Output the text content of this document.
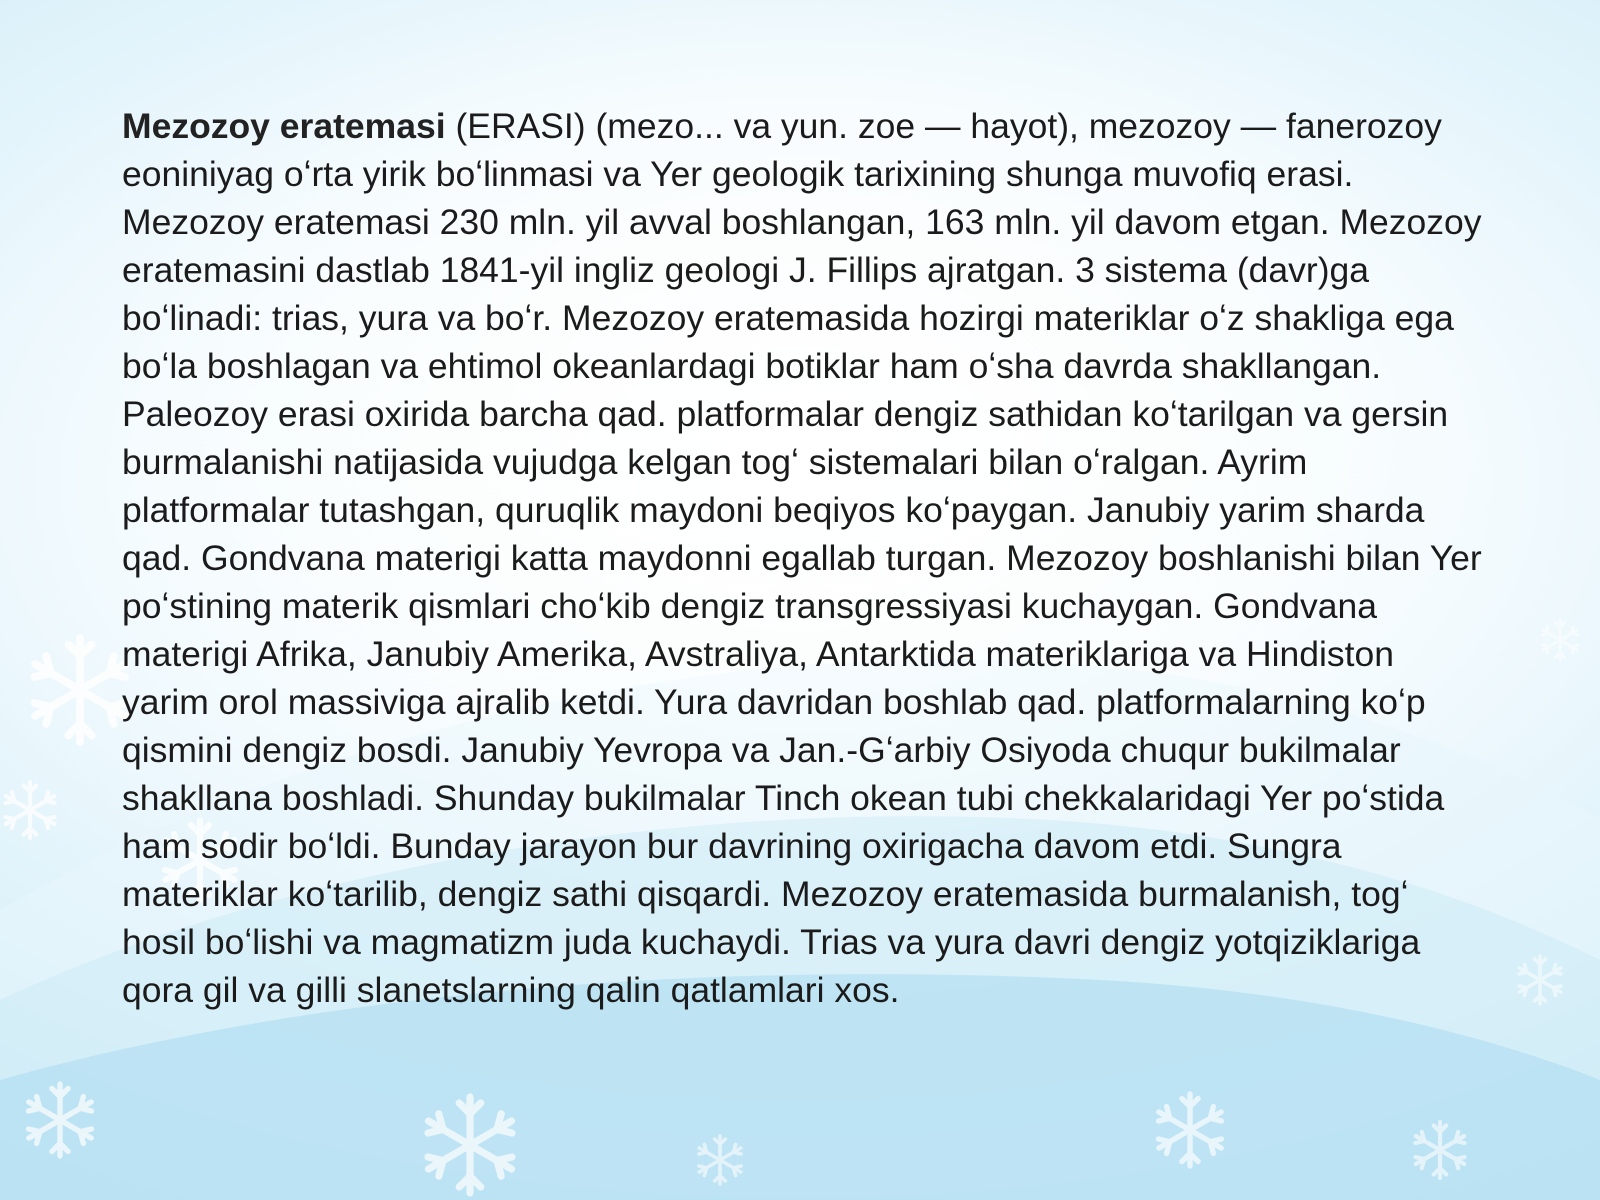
Mezozoy eratemasi (ERASI) (mezo... va yun. zoe — hayot), mezozoy — fanerozoy eoniniyag oʻrta yirik boʻlinmasi va Yer geologik tarixining shunga muvofiq erasi. Mezozoy eratemasi 230 mln. yil avval boshlangan, 163 mln. yil davom etgan. Mezozoy eratemasini dastlab 1841-yil ingliz geologi J. Fillips ajratgan. 3 sistema (davr)ga boʻlinadi: trias, yura va boʻr. Mezozoy eratemasida hozirgi materiklar oʻz shakliga ega boʻla boshlagan va ehtimol okeanlardagi botiklar ham oʻsha davrda shakllangan. Paleozoy erasi oxirida barcha qad. platformalar dengiz sathidan koʻtarilgan va gersin burmalanishi natijasida vujudga kelgan togʻ sistemalari bilan oʻralgan. Ayrim platformalar tutashgan, quruqlik maydoni beqiyos koʻpaygan. Janubiy yarim sharda qad. Gondvana materigi katta maydonni egallab turgan. Mezozoy boshlanishi bilan Yer poʻstining materik qismlari choʻkib dengiz transgressiyasi kuchaygan. Gondvana materigi Afrika, Janubiy Amerika, Avstraliya, Antarktida materiklariga va Hindiston yarim orol massiviga ajralib ketdi. Yura davridan boshlab qad. platformalarning koʻp qismini dengiz bosdi. Janubiy Yevropa va Jan.-Gʻarbiy Osiyoda chuqur bukilmalar shakllana boshladi. Shunday bukilmalar Tinch okean tubi chekkalaridagi Yer poʻstida ham sodir boʻldi. Bunday jarayon bur davrining oxirigacha davom etdi. Sungra materiklar koʻtarilib, dengiz sathi qisqardi. Mezozoy eratemasida burmalanish, togʻ hosil boʻlishi va magmatizm juda kuchaydi. Trias va yura davri dengiz yotqiziklariga qora gil va gilli slanetslarning qalin qatlamlari xos.
